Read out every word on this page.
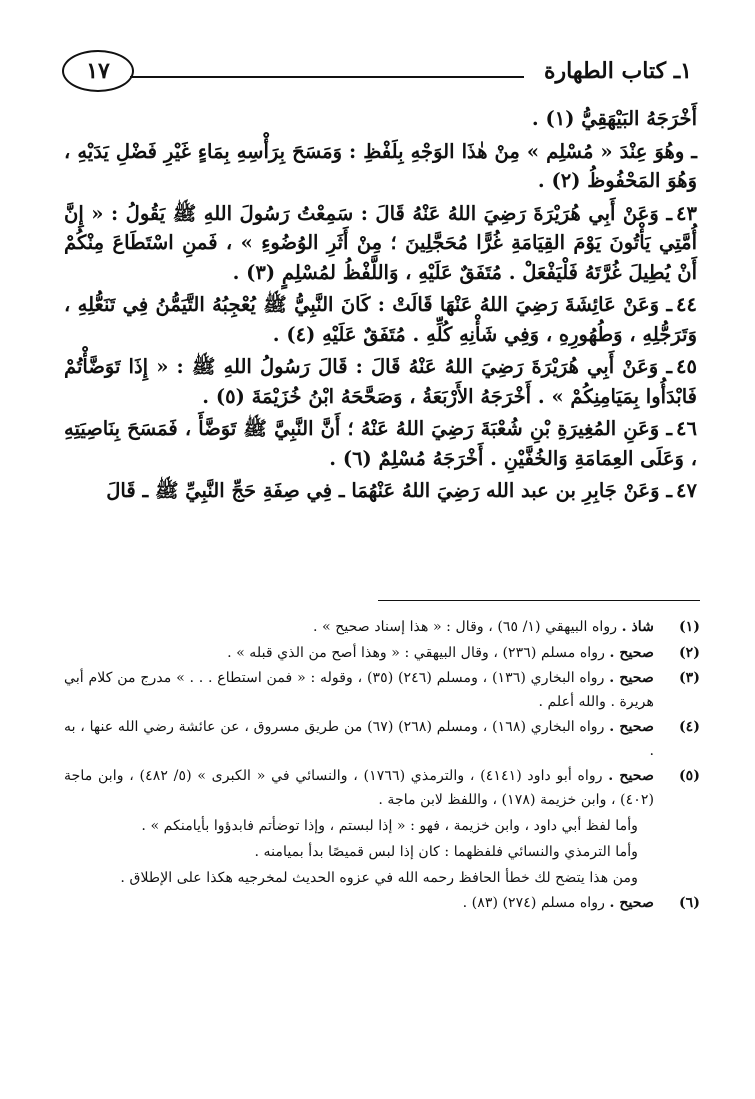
١ـ كتاب الطهارة
١٧

أَخْرَجَهُ البَيْهَقِيُّ (١) .

ـ وهُوَ عِنْدَ « مُسْلِم » مِنْ هٰذَا الوَجْهِ بِلَفْظِ : وَمَسَحَ بِرَأْسِهِ بِمَاءٍ غَيْرِ فَضْلِ يَدَيْهِ ، وَهُوَ المَحْفُوظُ (٢) .

٤٣ـ وَعَنْ أَبِي هُرَيْرَةَ رَضِيَ اللهُ عَنْهُ قَالَ : سَمِعْتُ رَسُولَ اللهِ ﷺ يَقُولُ : « إِنَّ أُمَّتِي يَأْتُونَ يَوْمَ القِيَامَةِ غُرًّا مُحَجَّلِينَ ؛ مِنْ أَثَرِ الوُضُوءِ » ، فَمنِ اسْتَطَاعَ مِنْكُمْ أَنْ يُطِيلَ غُرَّتَهُ فَلْيَفْعَلْ . مُتَفَقٌ عَلَيْهِ ، وَاللَّفْظُ لمُسْلِمٍ (٣) .

٤٤ـ وَعَنْ عَائِشَةَ رَضِيَ اللهُ عَنْهَا قَالَتْ : كَانَ النَّبِيُّ ﷺ يُعْجِبُهُ التَّيَمُّنُ فِي تَنَعُّلِهِ ، وَتَرَجُّلِهِ ، وَطُهُورِهِ ، وَفِي شَأْنِهِ كُلِّهِ . مُتَفَقٌ عَلَيْهِ (٤) .

٤٥ـ وَعَنْ أَبِي هُرَيْرَةَ رَضِيَ اللهُ عَنْهُ قَالَ : قَالَ رَسُولُ اللهِ ﷺ : « إِذَا تَوَضَّأْتُمْ فَابْدَأُوا بِمَيَامِنِكُمْ » . أَخْرَجَهُ الأَرْبَعَةُ ، وَصَحَّحَهُ ابْنُ خُزَيْمَةَ (٥) .

٤٦ـ وَعَنِ المُغِيرَةِ بْنِ شُعْبَةَ رَضِيَ اللهُ عَنْهُ ؛ أَنَّ النَّبِيَّ ﷺ تَوَضَّأَ ، فَمَسَحَ بِنَاصِيَتِهِ ، وَعَلَى العِمَامَةِ وَالخُفَّيْنِ . أَخْرَجَهُ مُسْلِمٌ (٦) .

٤٧ـ وَعَنْ جَابِرِ بن عبد الله رَضِيَ اللهُ عَنْهُمَا ـ فِي صِفَةِ حَجِّ النَّبِيِّ ﷺ ـ قَالَ

(١)
شاذ . رواه البيهقي (١/ ٦٥) ، وقال : « هذا إسناد صحيح » .
(٢)
صحيح . رواه مسلم (٢٣٦) ، وقال البيهقي : « وهذا أصح من الذي قبله » .
(٣)
صحيح . رواه البخاري (١٣٦) ، ومسلم (٢٤٦) (٣٥) ، وقوله : « فمن استطاع . . . » مدرج من كلام أبي هريرة . والله أعلم .
(٤)
صحيح . رواه البخاري (١٦٨) ، ومسلم (٢٦٨) (٦٧) من طريق مسروق ، عن عائشة رضي الله عنها ، به .
(٥)
صحيح . رواه أبو داود (٤١٤١) ، والترمذي (١٧٦٦) ، والنسائي في « الكبرى » (٥/ ٤٨٢) ، وابن ماجة (٤٠٢) ، وابن خزيمة (١٧٨) ، واللفظ لابن ماجة .
وأما لفظ أبي داود ، وابن خزيمة ، فهو : « إذا لبستم ، وإذا توضأتم فابدؤوا بأيامنكم » .
وأما الترمذي والنسائي فلفظهما : كان إذا لبس قميصًا بدأ بميامنه .
ومن هذا يتضح لك خطأ الحافظ رحمه الله في عزوه الحديث لمخرجيه هكذا على الإطلاق .
(٦)
صحيح . رواه مسلم (٢٧٤) (٨٣) .
